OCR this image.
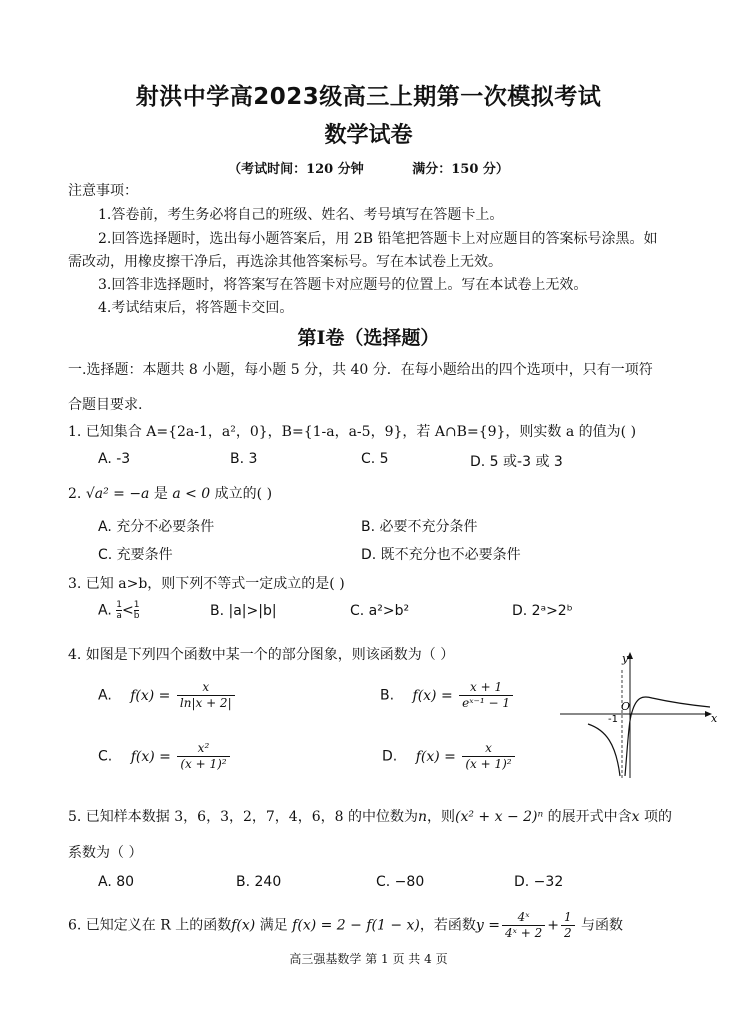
射洪中学高2023级高三上期第一次模拟考试
数学试卷
（考试时间：120 分钟	满分：150 分）
注意事项：
1.答卷前，考生务必将自己的班级、姓名、考号填写在答题卡上。
2.回答选择题时，选出每小题答案后，用 2B 铅笔把答题卡上对应题目的答案标号涂黑。如
需改动，用橡皮擦干净后，再选涂其他答案标号。写在本试卷上无效。
3.回答非选择题时，将答案写在答题卡对应题号的位置上。写在本试卷上无效。
4.考试结束后，将答题卡交回。
第Ⅰ卷（选择题）
一.选择题：本题共 8 小题，每小题 5 分，共 40 分．在每小题给出的四个选项中，只有一项符
合题目要求.
1. 已知集合 A={2a-1，a²，0}，B={1-a，a-5，9}，若 A∩B={9}，则实数 a 的值为( )
A. -3	B. 3	C. 5	D. 5 或-3 或 3
2. √a² = −a 是 a < 0 成立的( )
A. 充分不必要条件	B. 必要不充分条件
C. 充要条件	D. 既不充分也不必要条件
3. 已知 a>b，则下列不等式一定成立的是( )
A. $\frac{1}{a} < \frac{1}{b}$	B. |a|>|b|	C. a²>b²	D. 2ᵃ>2ᵇ
4. 如图是下列四个函数中某一个的部分图象，则该函数为（ ）
A. $f(x) = \frac{x}{\ln|x + 2|}$	B. $f(x) = \frac{x + 1}{\text{eˣ⁻¹ − 1}}$
C. $f(x) = \frac{\text{x²}}{\text{(x + 1)²}}$	D. $f(x) = \frac{x}{\text{(x + 1)²}}$
x
y
O
-1
5. 已知样本数据 3，6，3，2，7，4，6，8 的中位数为n，则(x² + x − 2)ⁿ 的展开式中含x 项的
系数为（ ）
A. 80	B. 240	C. −80	D. −32
6. 已知定义在 R 上的函数f(x) 满足 f(x) = 2 − f(1 − x)，若函数$y = \frac{\text{4ˣ}}{\text{4ˣ + 2}} + \frac{1}{2}$ 与函数
高三强基数学 第 1 页 共 4 页
